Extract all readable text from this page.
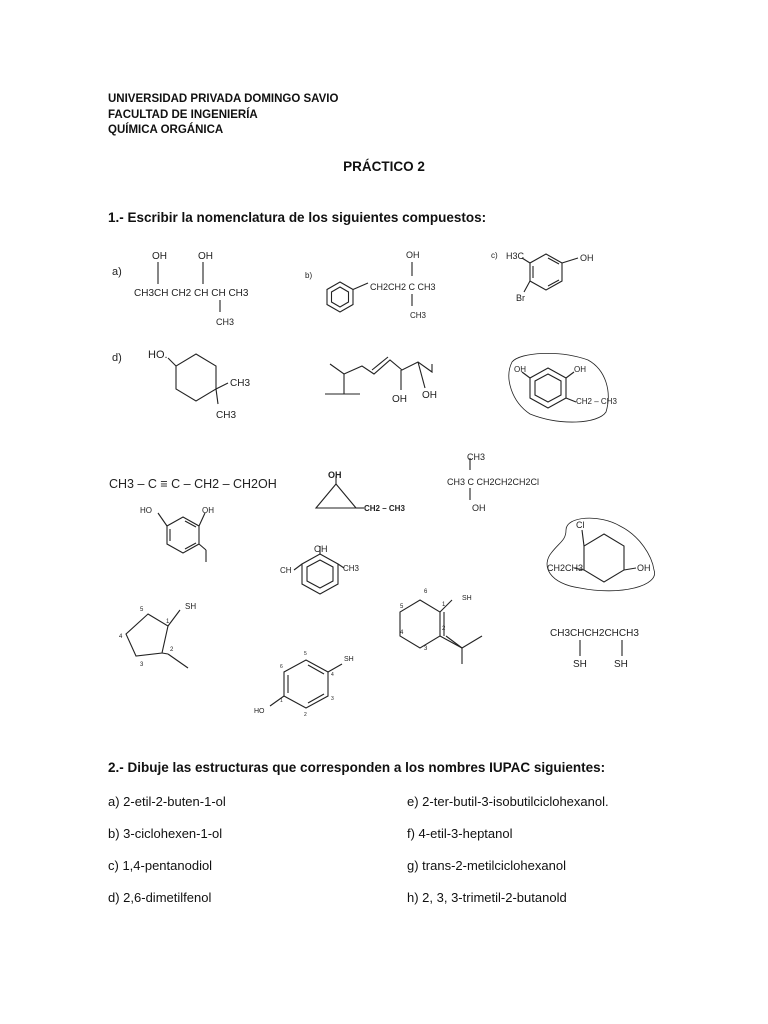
UNIVERSIDAD PRIVADA DOMINGO SAVIO
FACULTAD DE INGENIERÍA
QUÍMICA ORGÁNICA
PRÁCTICO 2
1.- Escribir la nomenclatura de los siguientes compuestos:
a)
OH	OH
CH3CH CH2 CH CH CH3
CH3
b)
OH
CH2CH2 C CH3
CH3
c) H3C	OH
Br
d) HO.
CH3
CH3
OH OH
OH	OH
CH2 – CH3
CH3 – C ≡ C – CH2 – CH2OH
OH
CH2 – CH3
CH3
CH3 C CH2CH2CH2Cl
OH
HO	OH
OH
CH	CH3
Cl
CH2CH3	OH
SH
5
1
2
3
4
SH
6
1
2
3
4
5
CH3CHCH2CHCH3
SH	SH
SH
HO
5
6
4
3
2
1
2.- Dibuje las estructuras que corresponden a los nombres IUPAC siguientes:
a) 2-etil-2-buten-1-ol
b) 3-ciclohexen-1-ol
c) 1,4-pentanodiol
d) 2,6-dimetilfenol
e) 2-ter-butil-3-isobutilciclohexanol.
f) 4-etil-3-heptanol
g) trans-2-metilciclohexanol
h) 2, 3, 3-trimetil-2-butanold
